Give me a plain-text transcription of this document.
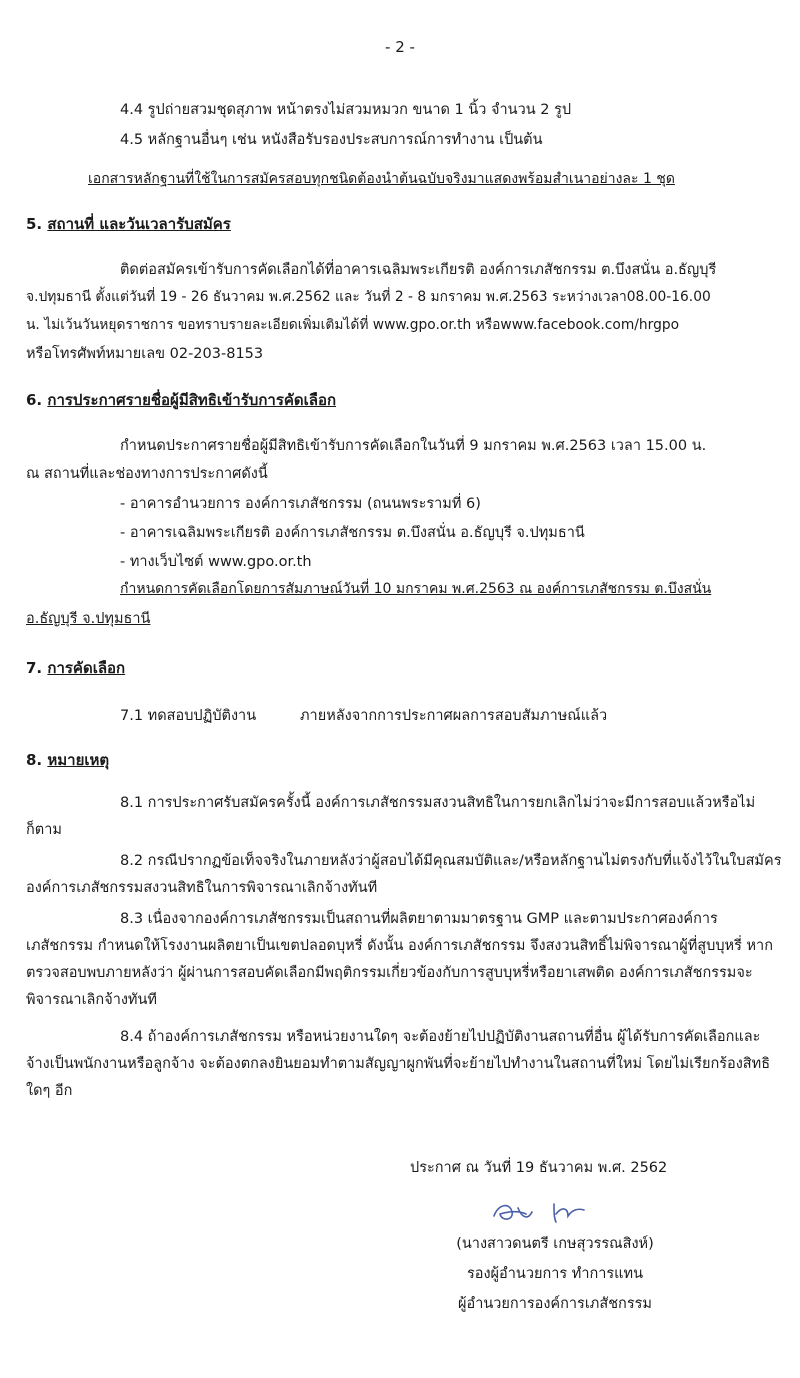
- 2 -
4.4 รูปถ่ายสวมชุดสุภาพ หน้าตรงไม่สวมหมวก ขนาด 1 นิ้ว จำนวน 2 รูป
4.5 หลักฐานอื่นๆ เช่น หนังสือรับรองประสบการณ์การทำงาน เป็นต้น
เอกสารหลักฐานที่ใช้ในการสมัครสอบทุกชนิดต้องนำต้นฉบับจริงมาแสดงพร้อมสำเนาอย่างละ 1 ชุด
5. สถานที่ และวันเวลารับสมัคร
ติดต่อสมัครเข้ารับการคัดเลือกได้ที่อาคารเฉลิมพระเกียรติ องค์การเภสัชกรรม ต.บึงสนั่น อ.ธัญบุรี
จ.ปทุมธานี ตั้งแต่วันที่ 19 - 26 ธันวาคม พ.ศ.2562 และ วันที่ 2 - 8 มกราคม พ.ศ.2563 ระหว่างเวลา08.00-16.00
น. ไม่เว้นวันหยุดราชการ ขอทราบรายละเอียดเพิ่มเติมได้ที่ www.gpo.or.th หรือwww.facebook.com/hrgpo
หรือโทรศัพท์หมายเลข 02-203-8153
6. การประกาศรายชื่อผู้มีสิทธิเข้ารับการคัดเลือก
กำหนดประกาศรายชื่อผู้มีสิทธิเข้ารับการคัดเลือกในวันที่ 9 มกราคม พ.ศ.2563 เวลา 15.00 น.
ณ สถานที่และช่องทางการประกาศดังนี้
- อาคารอำนวยการ องค์การเภสัชกรรม (ถนนพระรามที่ 6)
- อาคารเฉลิมพระเกียรติ องค์การเภสัชกรรม ต.บึงสนั่น อ.ธัญบุรี จ.ปทุมธานี
- ทางเว็บไซต์ www.gpo.or.th
กำหนดการคัดเลือกโดยการสัมภาษณ์วันที่ 10 มกราคม พ.ศ.2563 ณ องค์การเภสัชกรรม ต.บึงสนั่น
อ.ธัญบุรี จ.ปทุมธานี
7. การคัดเลือก
7.1 ทดสอบปฏิบัติงาน	ภายหลังจากการประกาศผลการสอบสัมภาษณ์แล้ว
8. หมายเหตุ
8.1 การประกาศรับสมัครครั้งนี้ องค์การเภสัชกรรมสงวนสิทธิในการยกเลิกไม่ว่าจะมีการสอบแล้วหรือไม่ก็ตาม
8.2 กรณีปรากฏข้อเท็จจริงในภายหลังว่าผู้สอบได้มีคุณสมบัติและ/หรือหลักฐานไม่ตรงกับที่แจ้งไว้ในใบสมัคร องค์การเภสัชกรรมสงวนสิทธิในการพิจารณาเลิกจ้างทันที
8.3 เนื่องจากองค์การเภสัชกรรมเป็นสถานที่ผลิตยาตามมาตรฐาน GMP และตามประกาศองค์การเภสัชกรรม กำหนดให้โรงงานผลิตยาเป็นเขตปลอดบุหรี่ ดังนั้น องค์การเภสัชกรรม จึงสงวนสิทธิ์ไม่พิจารณาผู้ที่สูบบุหรี่ หากตรวจสอบพบภายหลังว่า ผู้ผ่านการสอบคัดเลือกมีพฤติกรรมเกี่ยวข้องกับการสูบบุหรี่หรือยาเสพติด องค์การเภสัชกรรมจะพิจารณาเลิกจ้างทันที
8.4 ถ้าองค์การเภสัชกรรม หรือหน่วยงานใดๆ จะต้องย้ายไปปฏิบัติงานสถานที่อื่น ผู้ได้รับการคัดเลือกและจ้างเป็นพนักงานหรือลูกจ้าง จะต้องตกลงยินยอมทำตามสัญญาผูกพันที่จะย้ายไปทำงานในสถานที่ใหม่ โดยไม่เรียกร้องสิทธิใดๆ อีก
ประกาศ ณ วันที่ 19 ธันวาคม พ.ศ. 2562
(นางสาวดนตรี เกษสุวรรณสิงห์)
รองผู้อำนวยการ ทำการแทน
ผู้อำนวยการองค์การเภสัชกรรม
